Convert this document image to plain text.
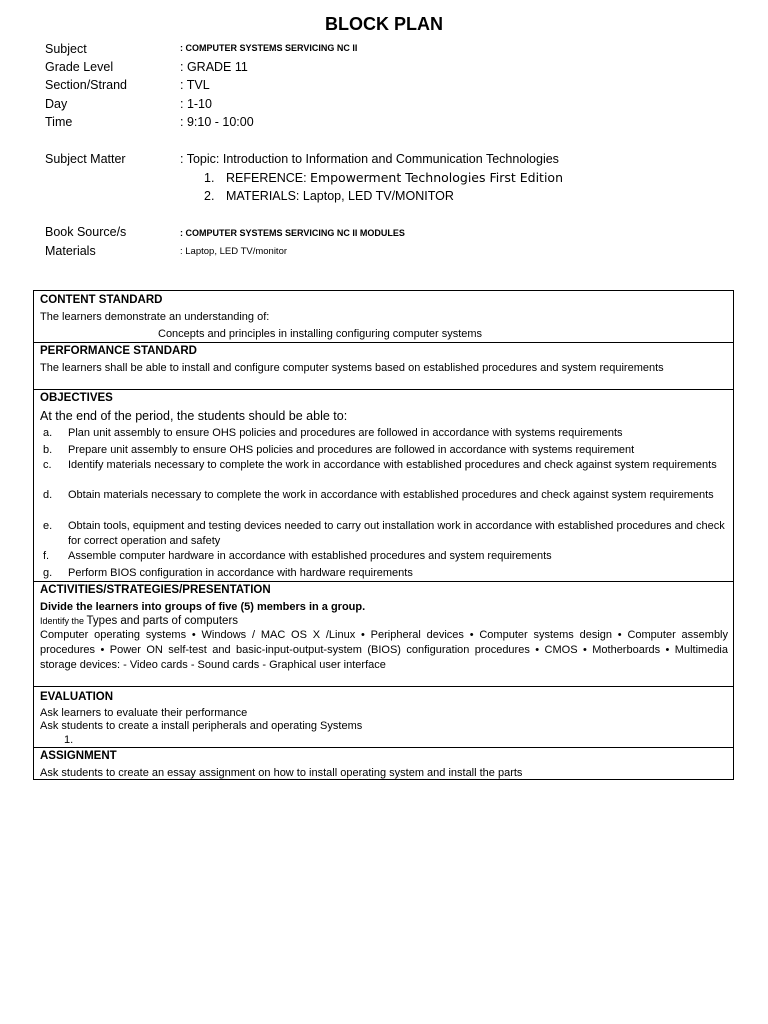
BLOCK PLAN
Subject	: COMPUTER SYSTEMS SERVICING NC II
Grade Level	: GRADE 11
Section/Strand	: TVL
Day	: 1-10
Time	: 9:10 - 10:00
Subject Matter	: Topic: Introduction to Information and Communication Technologies
1. REFERENCE: Empowerment Technologies First Edition
2. MATERIALS: Laptop, LED TV/MONITOR
Book Source/s	: COMPUTER SYSTEMS SERVICING NC II MODULES
Materials	: Laptop, LED TV/monitor
CONTENT STANDARD
The learners demonstrate an understanding of:
Concepts and principles in installing configuring computer systems
PERFORMANCE STANDARD
The learners shall be able to install and configure computer systems based on established procedures and system requirements
OBJECTIVES
At the end of the period, the students should be able to:
a. Plan unit assembly to ensure OHS policies and procedures are followed in accordance with systems requirements
b. Prepare unit assembly to ensure OHS policies and procedures are followed in accordance with systems requirement
c. Identify materials necessary to complete the work in accordance with established procedures and check against system requirements
d. Obtain materials necessary to complete the work in accordance with established procedures and check against system requirements
e. Obtain tools, equipment and testing devices needed to carry out installation work in accordance with established procedures and check for correct operation and safety
f. Assemble computer hardware in accordance with established procedures and system requirements
g. Perform BIOS configuration in accordance with hardware requirements
ACTIVITIES/STRATEGIES/PRESENTATION
Divide the learners into groups of five (5) members in a group.
Identify the Types and parts of computers
Computer operating systems • Windows / MAC OS X /Linux • Peripheral devices • Computer systems design • Computer assembly procedures • Power ON self-test and basic-input-output-system (BIOS) configuration procedures • CMOS • Motherboards • Multimedia storage devices: - Video cards - Sound cards - Graphical user interface
EVALUATION
Ask learners to evaluate their performance
Ask students to create a install peripherals and operating Systems
1.
ASSIGNMENT
Ask students to create an essay assignment on how to install operating system and install the parts
